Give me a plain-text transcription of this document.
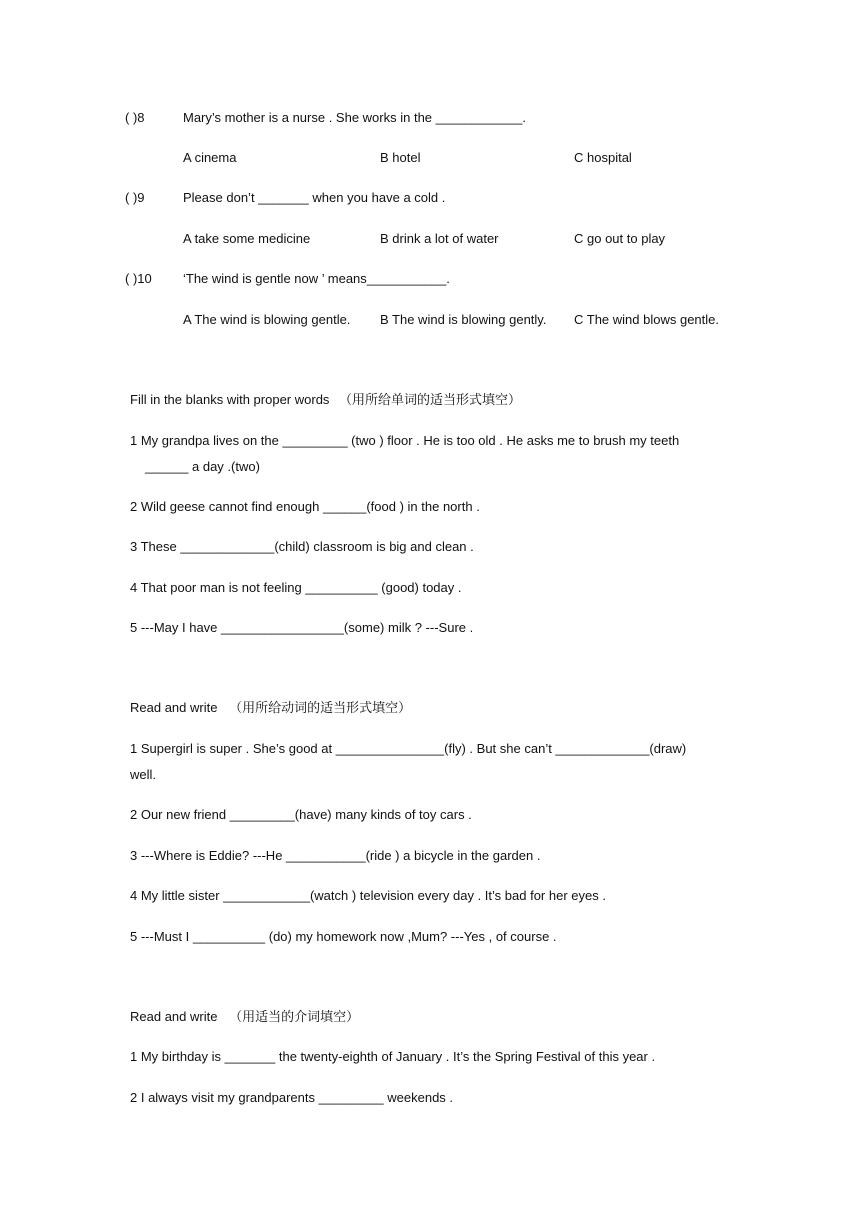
( )8	Mary’s mother is a nurse . She works in the ____________.
A cinema	B hotel	C hospital
( )9	Please don’t _______ when you have a cold .
A take some medicine	B drink a lot of water	C go out to play
( )10 ‘The wind is gentle now ’ means___________.
A The wind is blowing gentle. B The wind is blowing gently. C The wind blows gentle.
Fill in the blanks with proper words （用所给单词的适当形式填空）
1 My grandpa lives on the _________ (two ) floor . He is too old . He asks me to brush my teeth
______ a day .(two)
2 Wild geese cannot find enough ______(food ) in the north .
3 These _____________(child) classroom is big and clean .
4 That poor man is not feeling __________ (good) today .
5 ---May I have _________________(some) milk ? ---Sure .
Read and write （用所给动词的适当形式填空）
1 Supergirl is super . She’s good at _______________(fly) . But she can’t _____________(draw)
well.
2 Our new friend _________(have) many kinds of toy cars .
3 ---Where is Eddie? ---He ___________(ride ) a bicycle in the garden .
4 My little sister ____________(watch ) television every day . It’s bad for her eyes .
5 ---Must I __________ (do) my homework now ,Mum? ---Yes , of course .
Read and write （用适当的介词填空）
1 My birthday is _______ the twenty-eighth of January . It’s the Spring Festival of this year .
2 I always visit my grandparents _________ weekends .
